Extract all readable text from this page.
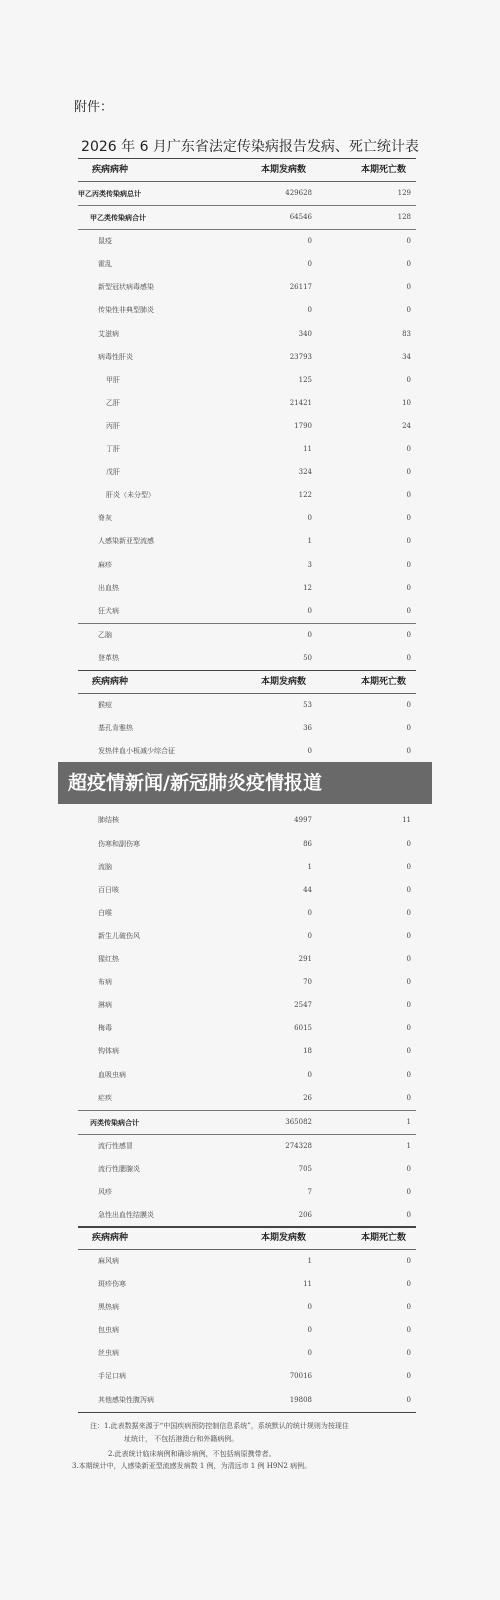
附件：
2026 年 6 月广东省法定传染病报告发病、死亡统计表
疾病病种	本期发病数	本期死亡数
甲乙丙类传染病总计	429628	129
甲乙类传染病合计	64546	128
鼠疫	0	0
霍乱	0	0
新型冠状病毒感染	26117	0
传染性非典型肺炎	0	0
艾滋病	340	83
病毒性肝炎	23793	34
甲肝	125	0
乙肝	21421	10
丙肝	1790	24
丁肝	11	0
戊肝	324	0
肝炎（未分型）	122	0
脊灰	0	0
人感染新亚型流感	1	0
麻疹	3	0
出血热	12	0
狂犬病	0	0
乙脑	0	0
登革热	50	0
疾病病种	本期发病数	本期死亡数
猴痘	53	0
基孔肯雅热	36	0
发热伴血小板减少综合征	0	0
肺结核	4997	11
伤寒和副伤寒	86	0
流脑	1	0
百日咳	44	0
白喉	0	0
新生儿破伤风	0	0
猩红热	291	0
布病	70	0
淋病	2547	0
梅毒	6015	0
钩体病	18	0
血吸虫病	0	0
疟疾	26	0
丙类传染病合计	365082	1
流行性感冒	274328	1
流行性腮腺炎	705	0
风疹	7	0
急性出血性结膜炎	206	0
疾病病种	本期发病数	本期死亡数
麻风病	1	0
斑疹伤寒	11	0
黑热病	0	0
包虫病	0	0
丝虫病	0	0
手足口病	70016	0
其他感染性腹泻病	19808	0
超疫情新闻/新冠肺炎疫情报道
注：1.此表数据来源于“中国疾病预防控制信息系统”，系统默认的统计规则为按现住
址统计， 不包括港澳台和外籍病例。
2.此表统计临床病例和确诊病例，不包括病原携带者。
3.本期统计中，人感染新亚型流感发病数 1 例，为清远市 1 例 H9N2 病例。
